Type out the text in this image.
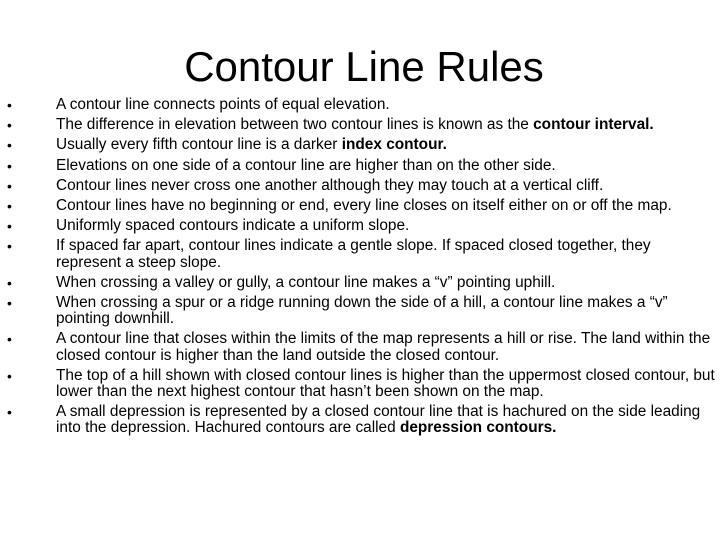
Contour Line Rules
•	A contour line connects points of equal elevation.
•	The difference in elevation between two contour lines is known as the contour interval.
•	Usually every fifth contour line is a darker index contour.
•	Elevations on one side of a contour line are higher than on the other side.
•	Contour lines never cross one another although they may touch at a vertical cliff.
•	Contour lines have no beginning or end, every line closes on itself either on or off the map.
•	Uniformly spaced contours indicate a uniform slope.
•	If spaced far apart, contour lines indicate a gentle slope. If spaced closed together, they represent a steep slope.
•	When crossing a valley or gully, a contour line makes a “v” pointing uphill.
•	When crossing a spur or a ridge running down the side of a hill, a contour line makes a “v” pointing downhill.
•	A contour line that closes within the limits of the map represents a hill or rise. The land within the closed contour is higher than the land outside the closed contour.
•	The top of a hill shown with closed contour lines is higher than the uppermost closed contour, but lower than the next highest contour that hasn’t been shown on the map.
•	A small depression is represented by a closed contour line that is hachured on the side leading into the depression. Hachured contours are called depression contours.
